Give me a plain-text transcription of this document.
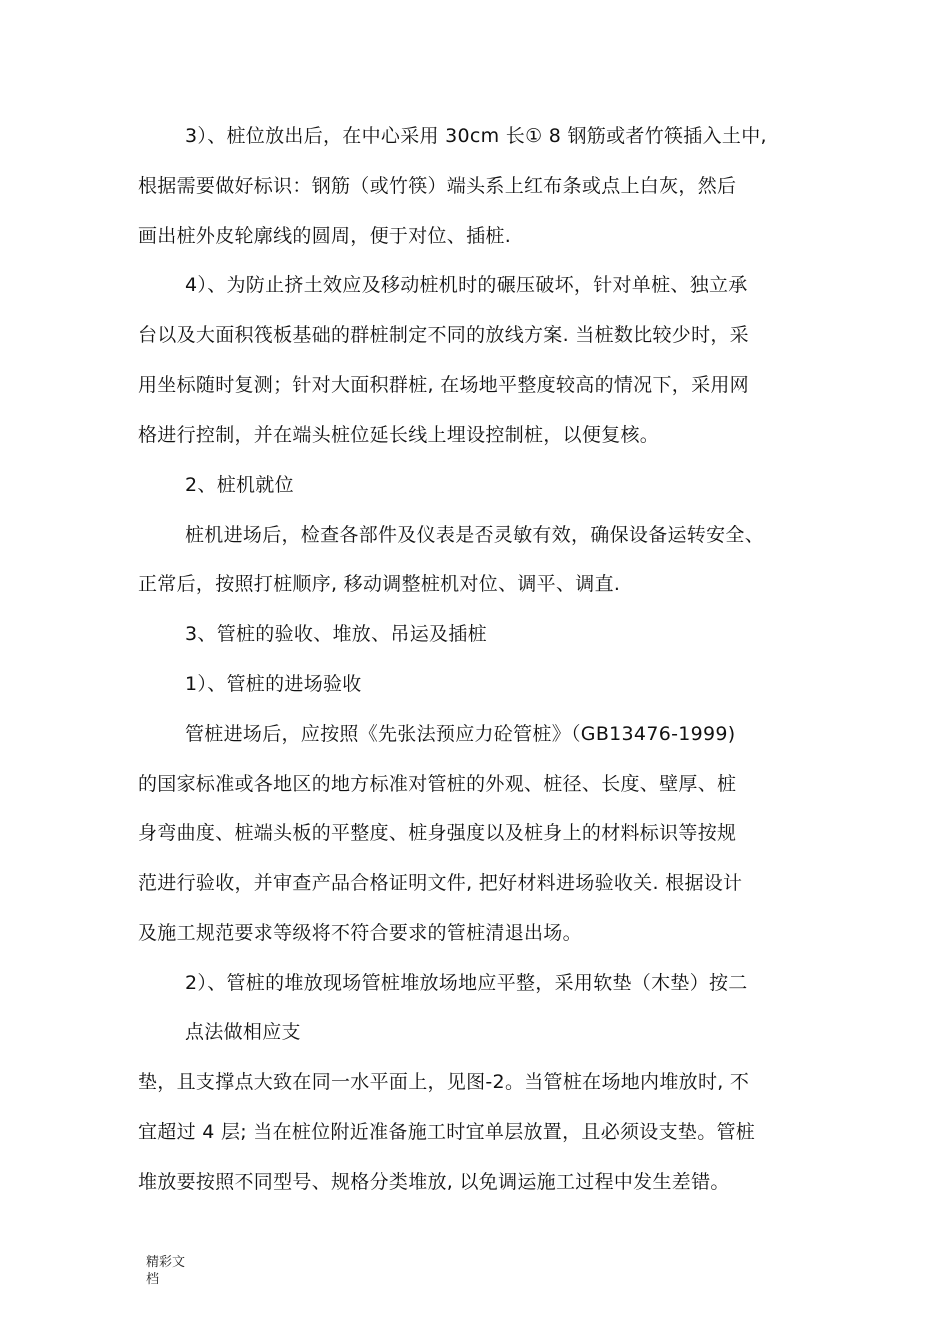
3）、桩位放出后，在中心采用 30cm 长① 8 钢筋或者竹筷插入土中,
根据需要做好标识：钢筋（或竹筷）端头系上红布条或点上白灰，然后
画出桩外皮轮廓线的圆周，便于对位、插桩.
4）、为防止挤土效应及移动桩机时的碾压破坏，针对单桩、独立承
台以及大面积筏板基础的群桩制定不同的放线方案. 当桩数比较少时，采
用坐标随时复测；针对大面积群桩, 在场地平整度较高的情况下，采用网
格进行控制，并在端头桩位延长线上埋设控制桩，以便复核。
2、桩机就位
桩机进场后，检查各部件及仪表是否灵敏有效，确保设备运转安全、
正常后，按照打桩顺序, 移动调整桩机对位、调平、调直.
3、管桩的验收、堆放、吊运及插桩
1）、管桩的进场验收
管桩进场后，应按照《先张法预应力砼管桩》（GB13476-1999)
的国家标准或各地区的地方标准对管桩的外观、桩径、长度、壁厚、桩
身弯曲度、桩端头板的平整度、桩身强度以及桩身上的材料标识等按规
范进行验收，并审查产品合格证明文件, 把好材料进场验收关. 根据设计
及施工规范要求等级将不符合要求的管桩清退出场。
2）、管桩的堆放现场管桩堆放场地应平整，采用软垫（木垫）按二
点法做相应支
垫，且支撑点大致在同一水平面上，见图-2。当管桩在场地内堆放时, 不
宜超过 4 层; 当在桩位附近准备施工时宜单层放置，且必须设支垫。管桩
堆放要按照不同型号、规格分类堆放, 以免调运施工过程中发生差错。
精彩文
档
